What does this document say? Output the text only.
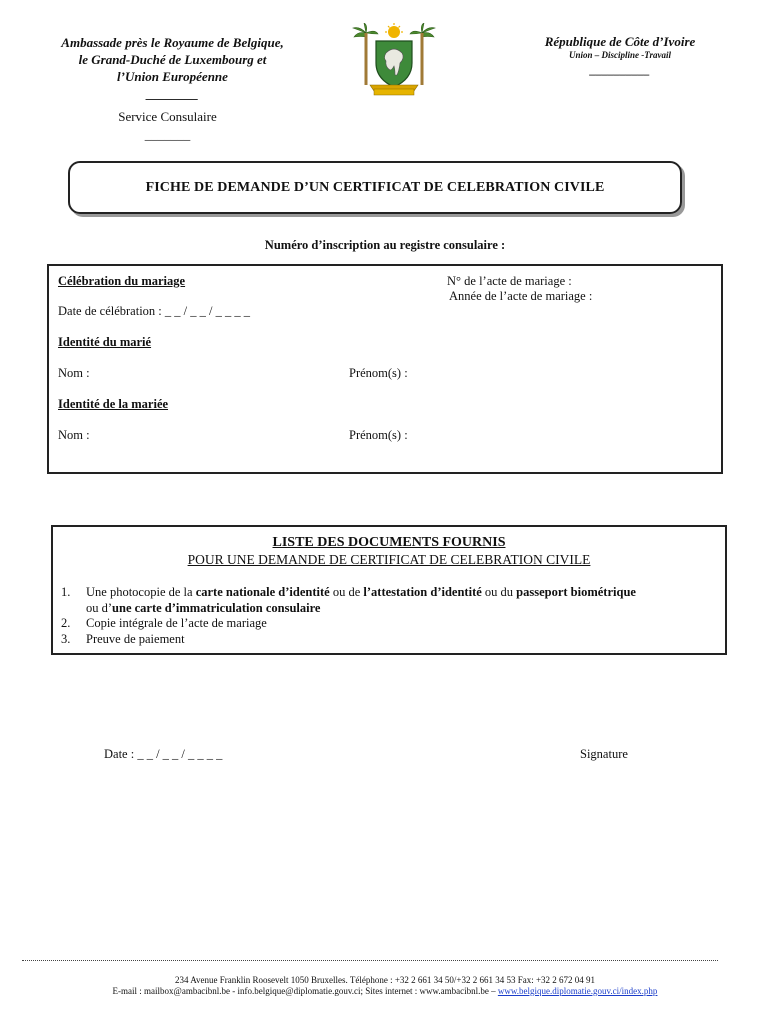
Ambassade près le Royaume de Belgique,
le Grand-Duché de Luxembourg et
l’Union Européenne
________
Service Consulaire
_______
République de Côte d’Ivoire
Union – Discipline -Travail
__________
FICHE DE DEMANDE D’UN CERTIFICAT DE CELEBRATION CIVILE
Numéro d’inscription au registre consulaire :
Célébration du mariage	N° de l’acte de mariage :
Année de l’acte de mariage :
Date de célébration : _ _ / _ _ / _ _ _ _
Identité du marié
Nom :	Prénom(s) :
Identité de la mariée
Nom :	Prénom(s) :
LISTE DES DOCUMENTS FOURNIS
POUR UNE DEMANDE DE CERTIFICAT DE CELEBRATION CIVILE
1.	Une photocopie de la carte nationale d’identité ou de l’attestation d’identité ou du passeport biométrique
ou d’une carte d’immatriculation consulaire
2.	Copie intégrale de l’acte de mariage
3.	Preuve de paiement
Date : _ _ / _ _ / _ _ _ _	Signature
234 Avenue Franklin Roosevelt 1050 Bruxelles. Téléphone : +32 2 661 34 50/+32 2 661 34 53 Fax: +32 2 672 04 91
E-mail : mailbox@ambacibnl.be - info.belgique@diplomatie.gouv.ci; Sites internet : www.ambacibnl.be – www.belgique.diplomatie.gouv.ci/index.php
